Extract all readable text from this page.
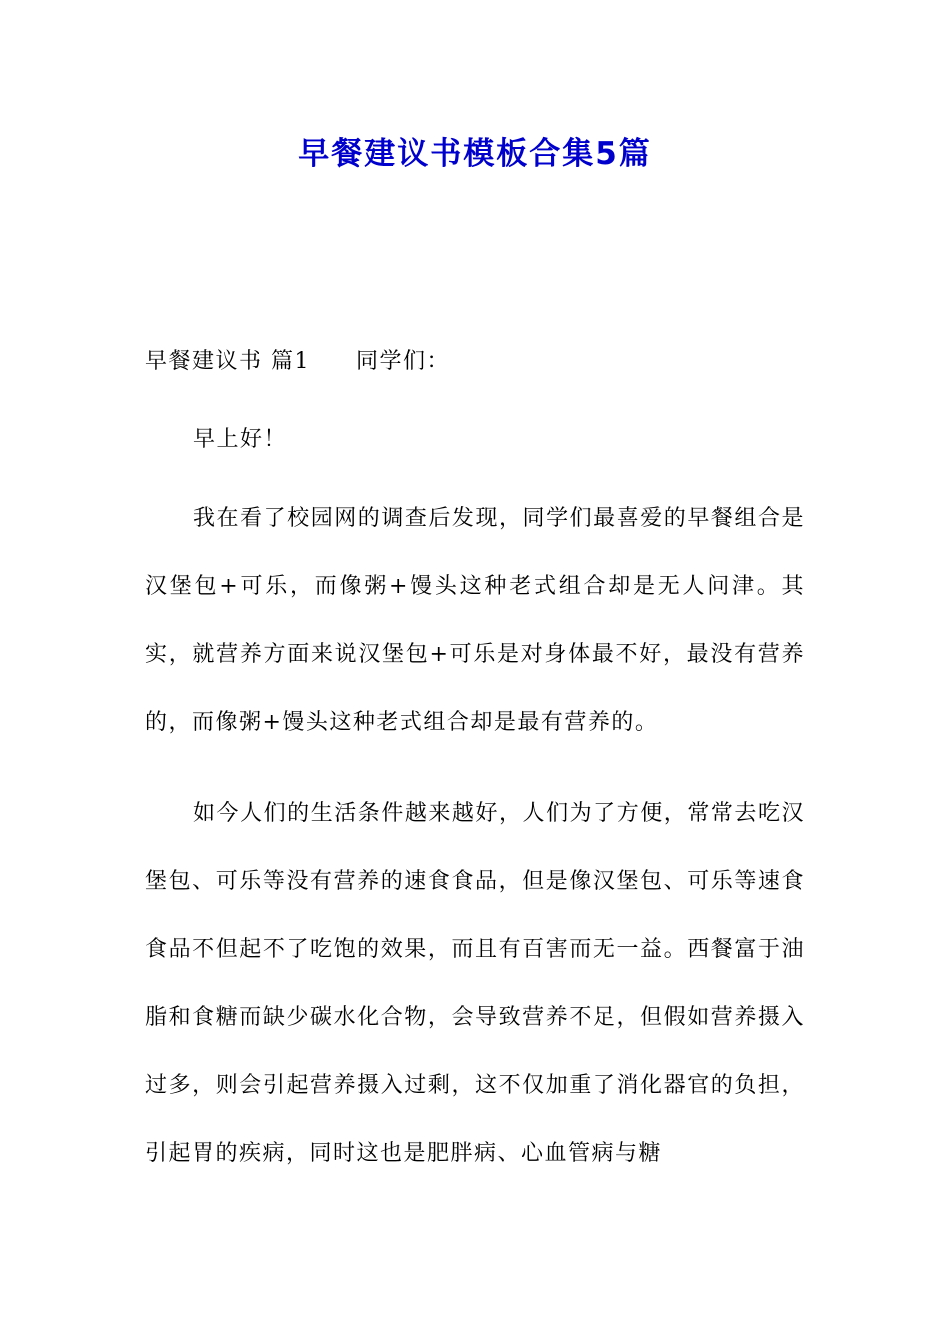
早餐建议书模板合集5篇
早餐建议书 篇1 同学们：
早上好！
我在看了校园网的调查后发现，同学们最喜爱的早餐组合是汉堡包+可乐，而像粥+馒头这种老式组合却是无人问津。其实，就营养方面来说汉堡包+可乐是对身体最不好，最没有营养的，而像粥+馒头这种老式组合却是最有营养的。
如今人们的生活条件越来越好，人们为了方便，常常去吃汉堡包、可乐等没有营养的速食食品，但是像汉堡包、可乐等速食食品不但起不了吃饱的效果，而且有百害而无一益。西餐富于油脂和食糖而缺少碳水化合物，会导致营养不足，但假如营养摄入过多，则会引起营养摄入过剩，这不仅加重了消化器官的负担，引起胃的疾病，同时这也是肥胖病、心血管病与糖
